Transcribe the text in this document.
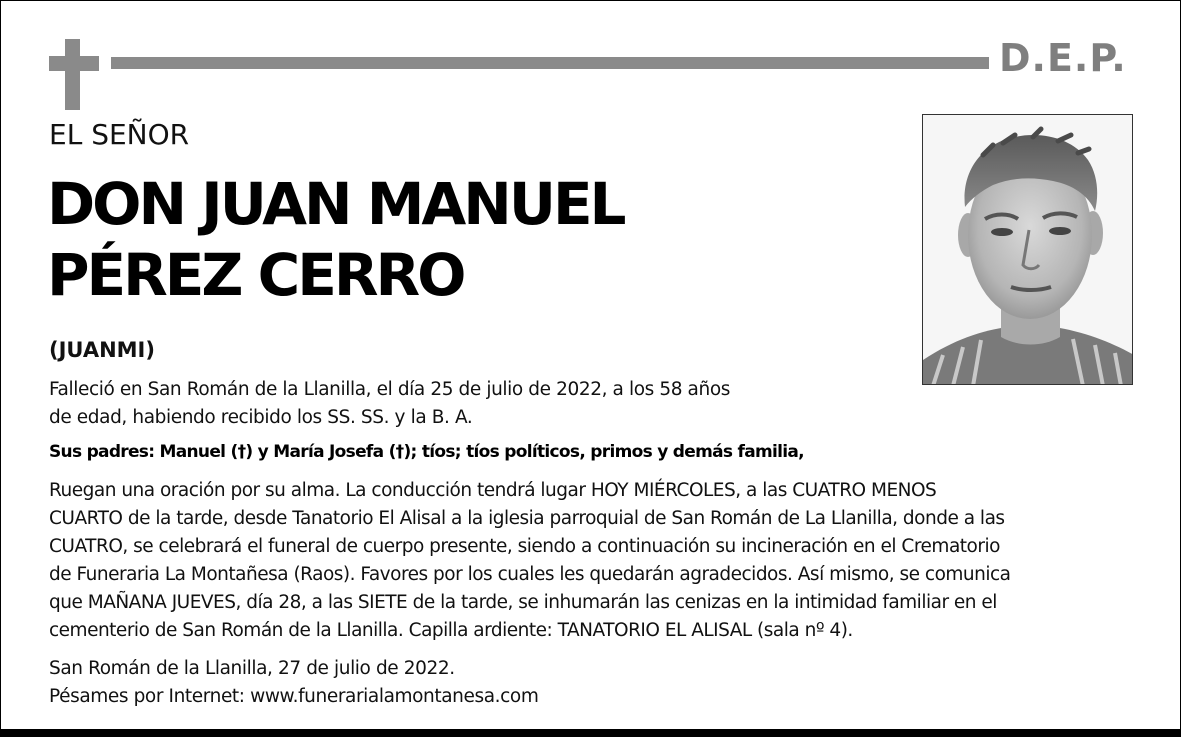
D.E.P.
EL SEÑOR
DON JUAN MANUEL
PÉREZ CERRO
(JUANMI)
Falleció en San Román de la Llanilla, el día 25 de julio de 2022, a los 58 años
de edad, habiendo recibido los SS. SS. y la B. A.
Sus padres: Manuel (†) y María Josefa (†); tíos; tíos políticos, primos y demás familia,
Ruegan una oración por su alma. La conducción tendrá lugar HOY MIÉRCOLES, a las CUATRO MENOS
CUARTO de la tarde, desde Tanatorio El Alisal a la iglesia parroquial de San Román de La Llanilla, donde a las
CUATRO, se celebrará el funeral de cuerpo presente, siendo a continuación su incineración en el Crematorio
de Funeraria La Montañesa (Raos). Favores por los cuales les quedarán agradecidos. Así mismo, se comunica
que MAÑANA JUEVES, día 28, a las SIETE de la tarde, se inhumarán las cenizas en la intimidad familiar en el
cementerio de San Román de la Llanilla. Capilla ardiente: TANATORIO EL ALISAL (sala nº 4).
San Román de la Llanilla, 27 de julio de 2022.
Pésames por Internet: www.funerarialamontanesa.com
